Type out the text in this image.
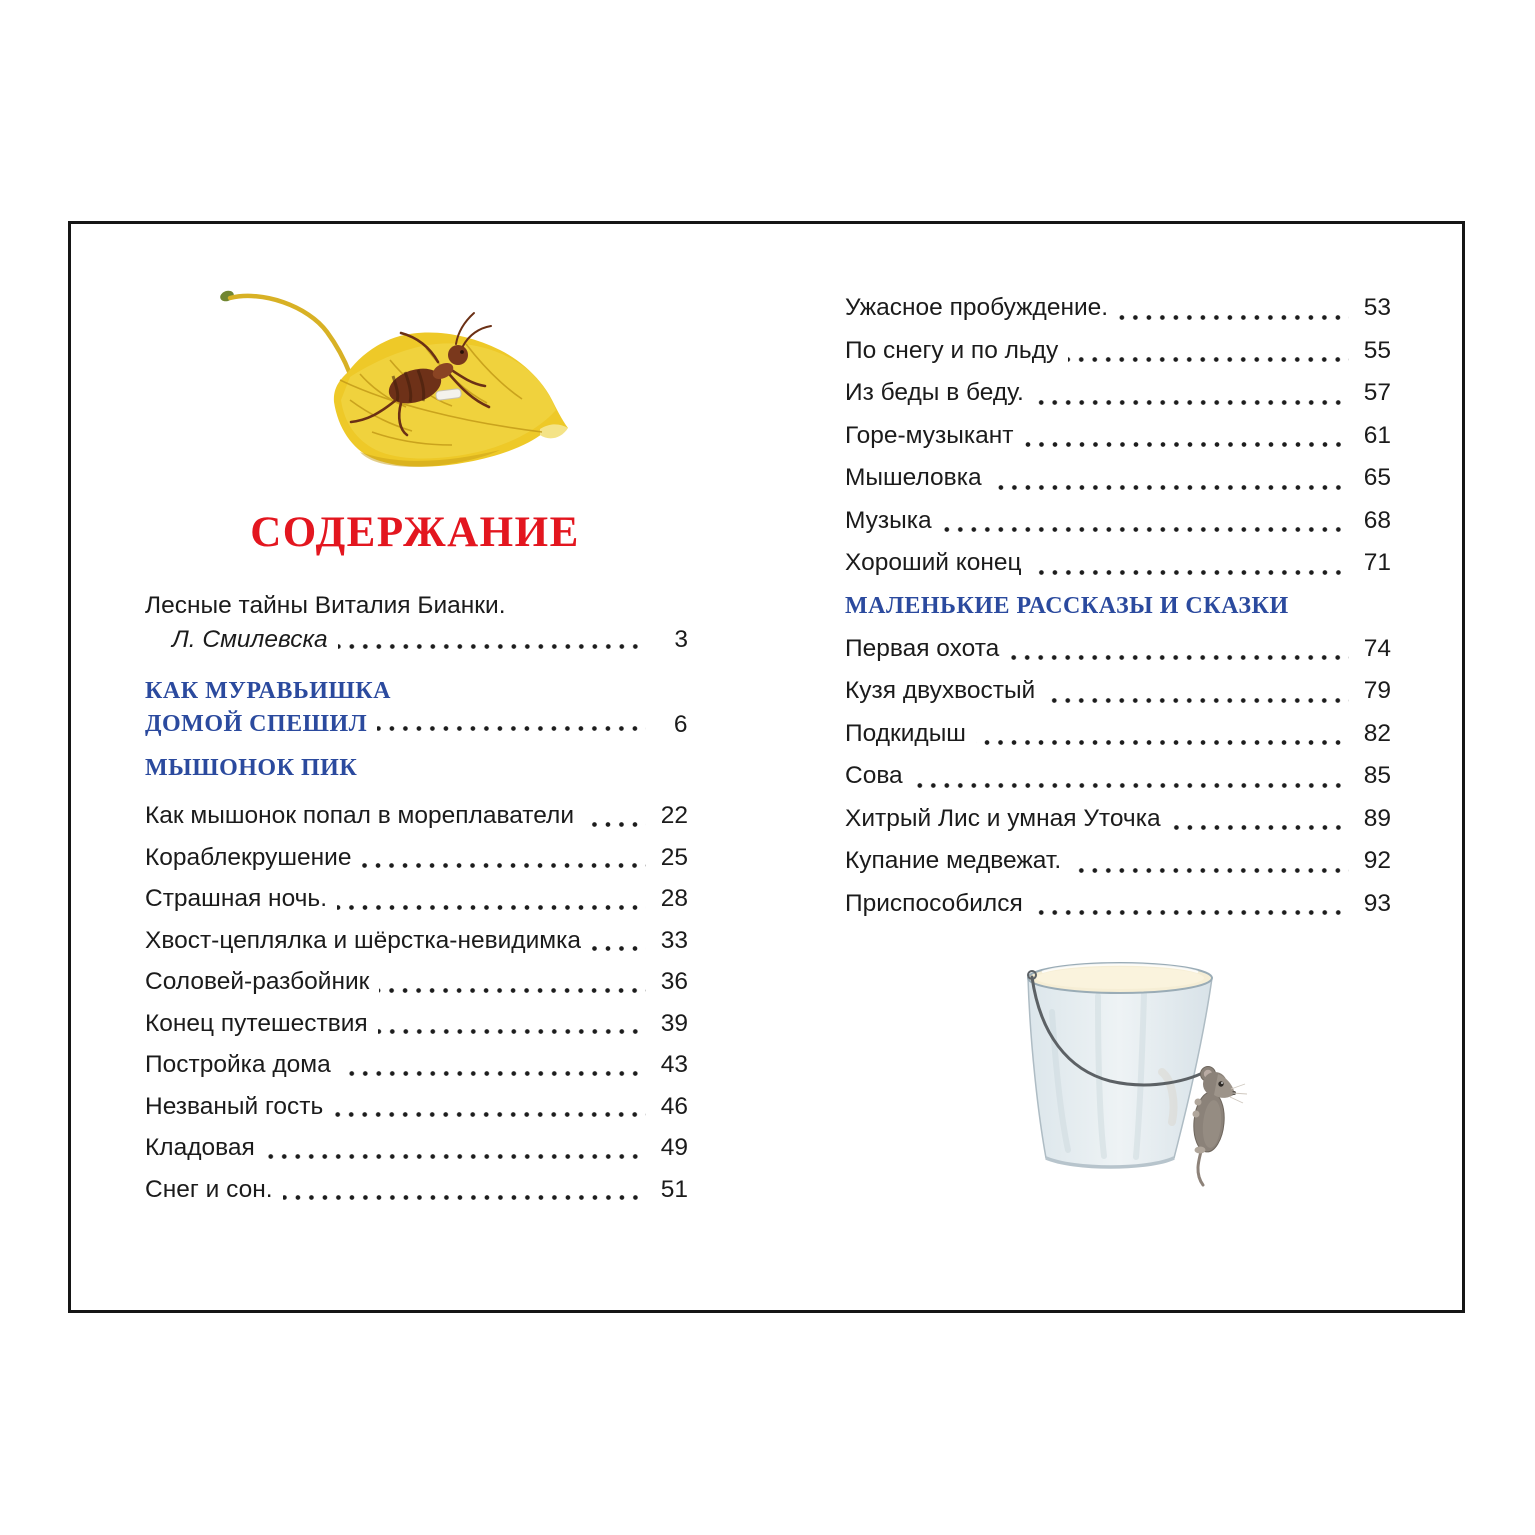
СОДЕРЖАНИЕ
Лесные тайны Виталия Бианки.
Л. Смилевска	3
КАК МУРАВЬИШКА
ДОМОЙ СПЕШИЛ	6
МЫШОНОК ПИК
Как мышонок попал в мореплаватели	22
Кораблекрушение	25
Страшная ночь.	28
Хвост-цеплялка и шёрстка-невидимка	33
Соловей-разбойник	36
Конец путешествия	39
Постройка дома	43
Незваный гость	46
Кладовая	49
Снег и сон.	51
Ужасное пробуждение.	53
По снегу и по льду	55
Из беды в беду.	57
Горе-музыкант	61
Мышеловка	65
Музыка	68
Хороший конец	71
МАЛЕНЬКИЕ РАССКАЗЫ И СКАЗКИ
Первая охота	74
Кузя двухвостый	79
Подкидыш	82
Сова	85
Хитрый Лис и умная Уточка	89
Купание медвежат.	92
Приспособился	93
